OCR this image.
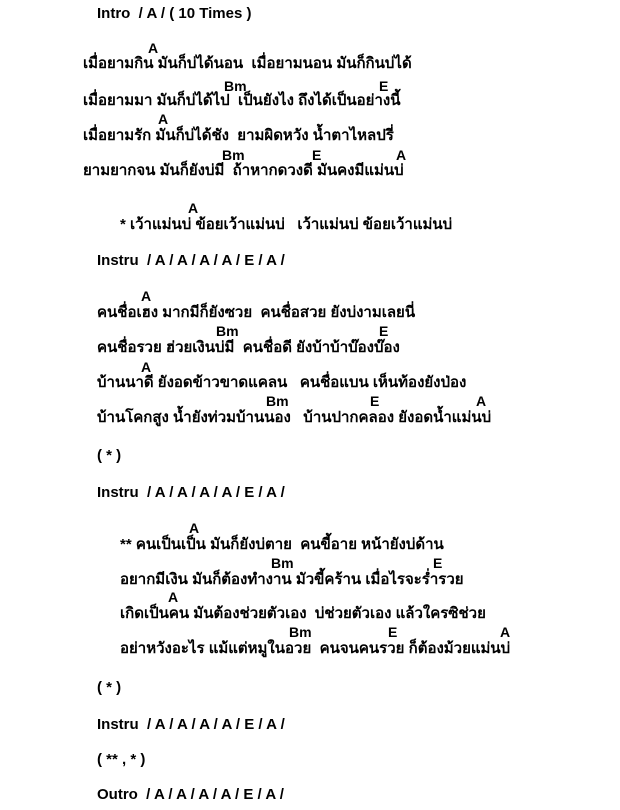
Intro  / A / ( 10 Times )
A
เมื่อยามกิน มันก็บ่ได้นอน  เมื่อยามนอน มันก็กินบ่ได้
Bm	E
เมื่อยามมา มันก็บ่ได้ไป  เป็นยังไง ถึงได้เป็นอย่างนี้
A
เมื่อยามรัก มันก็บ่ได้ชัง  ยามผิดหวัง น้ำตาไหลปรี่
Bm	E	A
ยามยากจน มันก็ยังบ่มี  ถ้าหากดวงดี มันคงมีแม่นบ่
A
* เว้าแม่นบ่ ข้อยเว้าแม่นบ่   เว้าแม่นบ่ ข้อยเว้าแม่นบ่
Instru  / A / A / A / A / E / A /
A
คนชื่อเฮง มากมีก็ยังซวย  คนชื่อสวย ยังบ่งามเลยนี่
Bm	E
คนชื่อรวย ฮ่วยเงินบ่มี  คนชื่อดี ยังบ้าบ้าบ๊องบ๊อง
A
บ้านนาดี ยังอดข้าวขาดแคลน   คนชื่อแบน เห็นท้องยังป่อง
Bm	E	A
บ้านโคกสูง น้ำยังท่วมบ้านนอง   บ้านปากคลอง ยังอดน้ำแม่นบ่
( * )
Instru  / A / A / A / A / E / A /
A
** คนเป็นเป็น มันก็ยังบ่ตาย  คนขี้อาย หน้ายังบ่ด้าน
Bm	E
อยากมีเงิน มันก็ต้องทำงาน มัวขี้คร้าน เมื่อไรจะร่ำรวย
A
เกิดเป็นคน มันต้องช่วยตัวเอง  บ่ช่วยตัวเอง แล้วใครซิช่วย
Bm	E	A
อย่าหวังอะไร แม้แต่หมูในอวย  คนจนคนรวย ก็ต้องม้วยแม่นบ่
( * )
Instru  / A / A / A / A / E / A /
( ** , * )
Outro  / A / A / A / A / E / A /
